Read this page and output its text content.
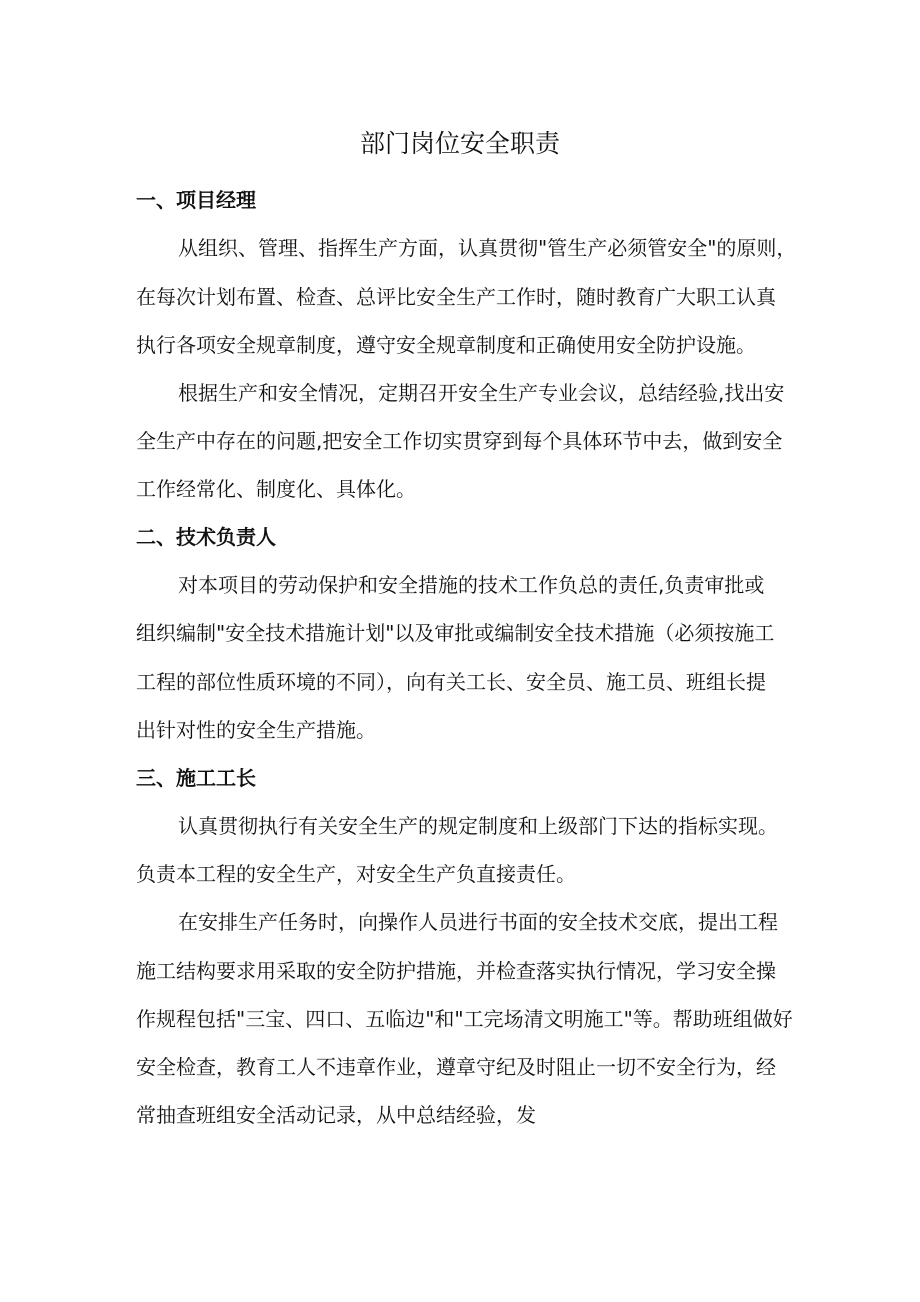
部门岗位安全职责
一、项目经理

从组织、管理、指挥生产方面，认真贯彻"管生产必须管安全"的原则，

在每次计划布置、检查、总评比安全生产工作时，随时教育广大职工认真

执行各项安全规章制度，遵守安全规章制度和正确使用安全防护设施。

根据生产和安全情况，定期召开安全生产专业会议，总结经验,找出安

全生产中存在的问题,把安全工作切实贯穿到每个具体环节中去，做到安全

工作经常化、制度化、具体化。

二、技术负责人

对本项目的劳动保护和安全措施的技术工作负总的责任,负责审批或

组织编制"安全技术措施计划"以及审批或编制安全技术措施（必须按施工

工程的部位性质环境的不同），向有关工长、安全员、施工员、班组长提

出针对性的安全生产措施。

三、施工工长

认真贯彻执行有关安全生产的规定制度和上级部门下达的指标实现。

负责本工程的安全生产，对安全生产负直接责任。

在安排生产任务时，向操作人员进行书面的安全技术交底，提出工程

施工结构要求用采取的安全防护措施，并检查落实执行情况，学习安全操

作规程包括"三宝、四口、五临边"和"工完场清文明施工"等。帮助班组做好

安全检查，教育工人不违章作业，遵章守纪及时阻止一切不安全行为，经

常抽查班组安全活动记录，从中总结经验，发
